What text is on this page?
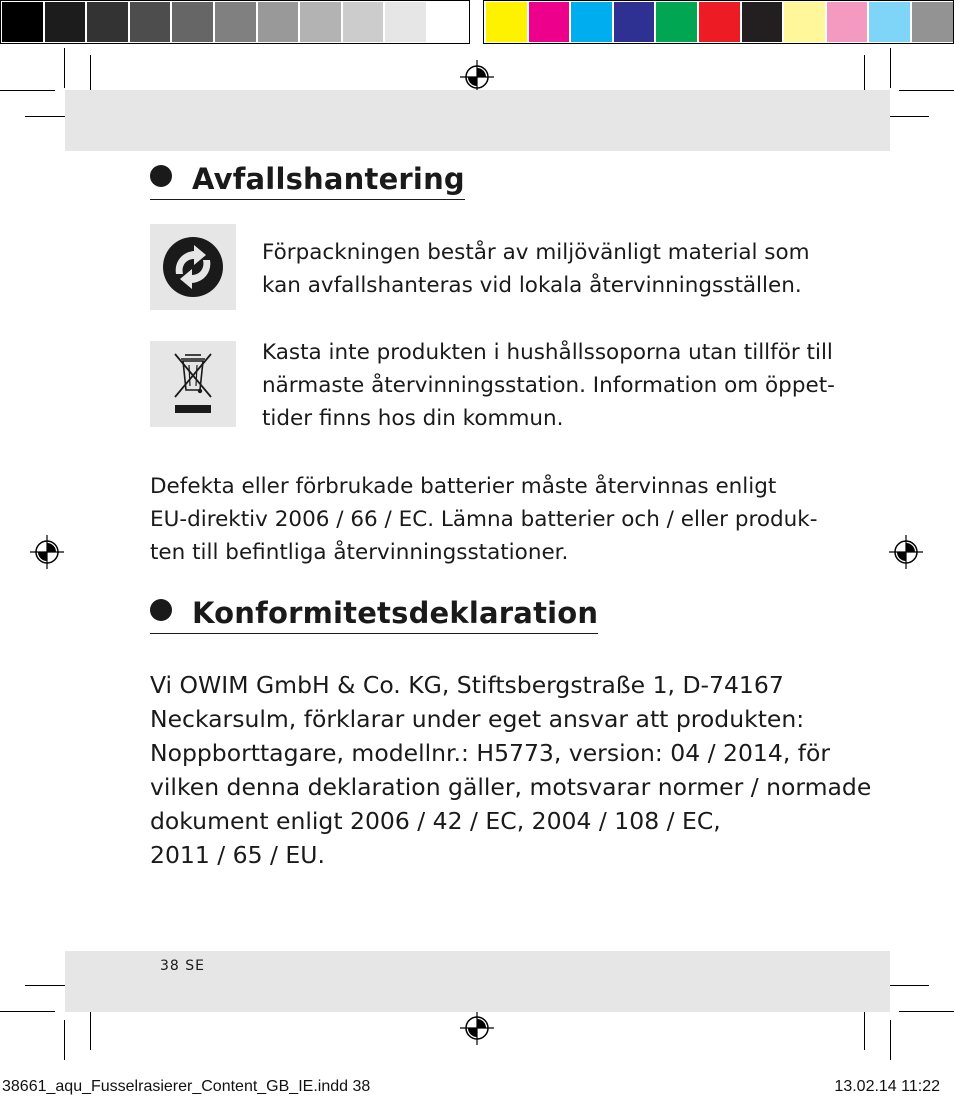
Avfallshantering
Förpackningen består av miljövänligt material som
kan avfallshanteras vid lokala återvinningsställen.
Kasta inte produkten i hushållssoporna utan tillför till
närmaste återvinningsstation. Information om öppet-
tider finns hos din kommun.
Defekta eller förbrukade batterier måste återvinnas enligt
EU-direktiv 2006 / 66 / EC. Lämna batterier och / eller produk-
ten till befintliga återvinningsstationer.
Konformitetsdeklaration
Vi OWIM GmbH & Co. KG, Stiftsbergstraße 1, D-74167
Neckarsulm, förklarar under eget ansvar att produkten:
Noppborttagare, modellnr.: H5773, version: 04 / 2014, för
vilken denna deklaration gäller, motsvarar normer / normade
dokument enligt 2006 / 42 / EC, 2004 / 108 / EC,
2011 / 65 / EU.
38 SE
38661_aqu_Fusselrasierer_Content_GB_IE.indd 38	13.02.14 11:22
